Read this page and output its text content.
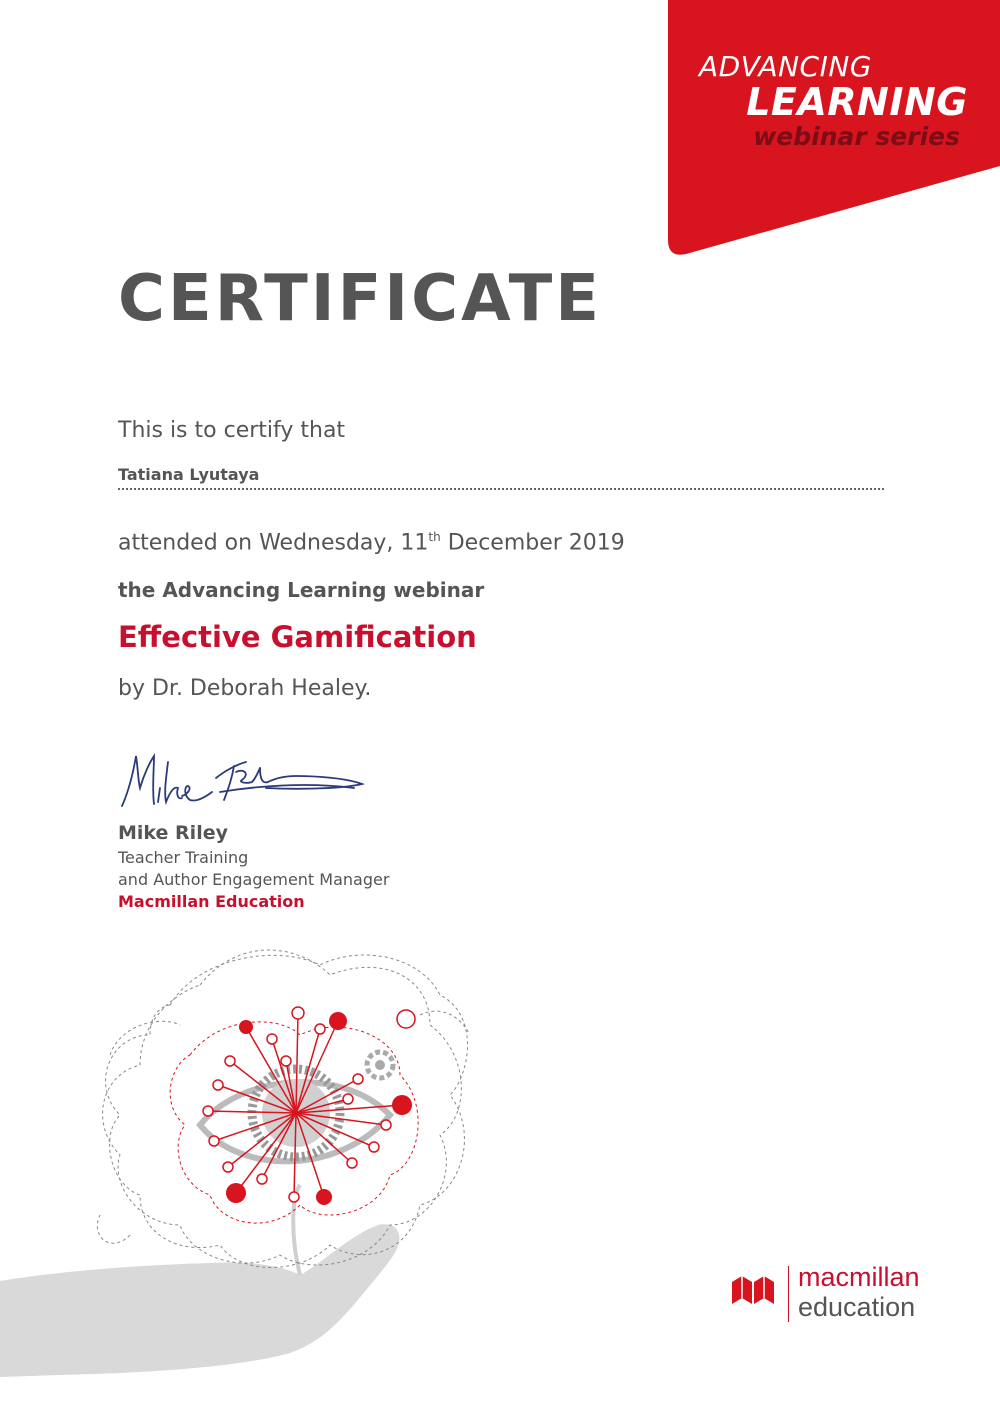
ADVANCING
LEARNING
webinar series
CERTIFICATE
This is to certify that
Tatiana Lyutaya
attended on Wednesday, 11th December 2019
the Advancing Learning webinar
Effective Gamification
by Dr. Deborah Healey.
Mike Riley
Teacher Training
and Author Engagement Manager
Macmillan Education
macmillan
education
